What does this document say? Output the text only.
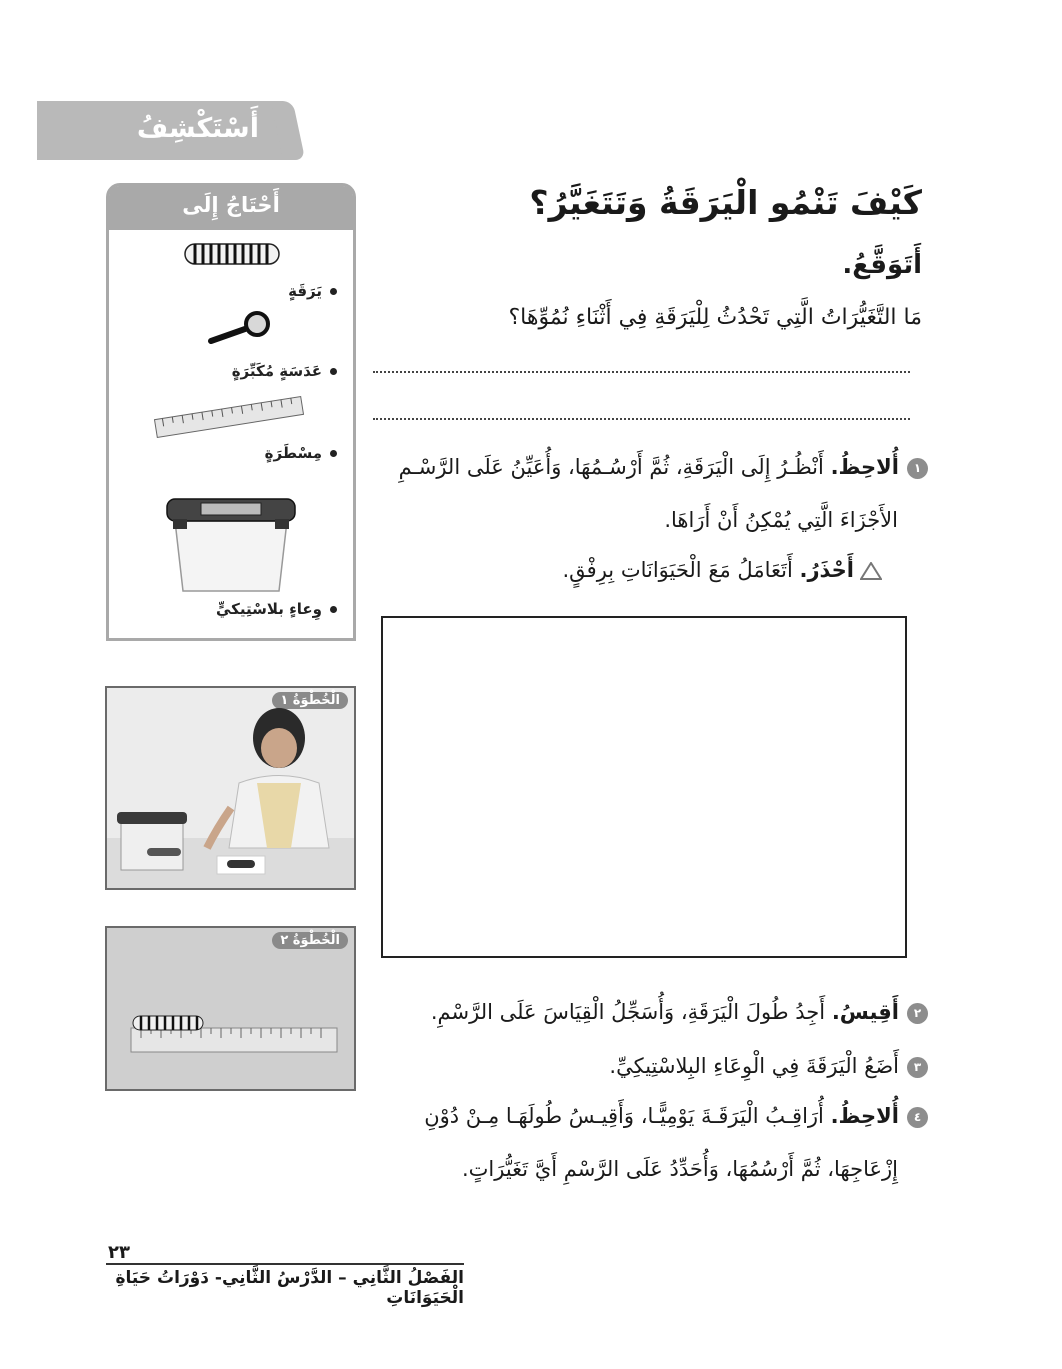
أَسْتَكْشِفُ
أَحْتَاجُ إِلَى
يَرَقَةٍ
عَدَسَةٍ مُكَبِّرَةٍ
مِسْطَرَةٍ
وِعاءٍ بلاسْتِيكيٍّ
كَيْفَ تَنْمُو الْيَرَقَةُ وَتَتَغَيَّرُ؟
أَتَوَقَّعُ.
مَا التَّغَيُّرَاتُ الَّتِي تَحْدُثُ لِلْيَرَقَةِ فِي أَثْنَاءِ نُمُوِّهَا؟
١أُلاحِظُ. أَنْظُـرُ إِلَى الْيَرَقَةِ، ثُمَّ أَرْسُـمُهَا، وَأُعَيِّنُ عَلَى الرَّسْـمِ
الأَجْزَاءَ الَّتِي يُمْكِنُ أَنْ أَرَاهَا.
أَحْذَرُ. أَتَعَامَلُ مَعَ الْحَيَوَانَاتِ بِرِفْقٍ.
الْخُطْوَةُ ١
الْخُطْوَةُ ٢
٢أَقِيسُ. أَجِدُ طُولَ الْيَرَقَةِ، وَأُسَجِّلُ الْقِيَاسَ عَلَى الرَّسْمِ.
٣أَضَعُ الْيَرَقَةَ فِي الْوِعَاءِ البِلاسْتِيكِيِّ.
٤أُلاحِظُ. أُرَاقِـبُ الْيَرَقَـةَ يَوْمِيًّـا، وَأَقِيـسُ طُولَهَـا مِـنْ دُوْنِ
إِزْعَاجِهَا، ثُمَّ أَرْسُمُهَا، وَأُحَدِّدُ عَلَى الرَّسْمِ أَيَّ تَغَيُّرَاتٍ.
٢٣
الفَصْلُ الثَّانِي – الدَّرْسُ الثَّانِي- دَوْرَاتُ حَيَاةِ الْحَيَوَانَاتِ
